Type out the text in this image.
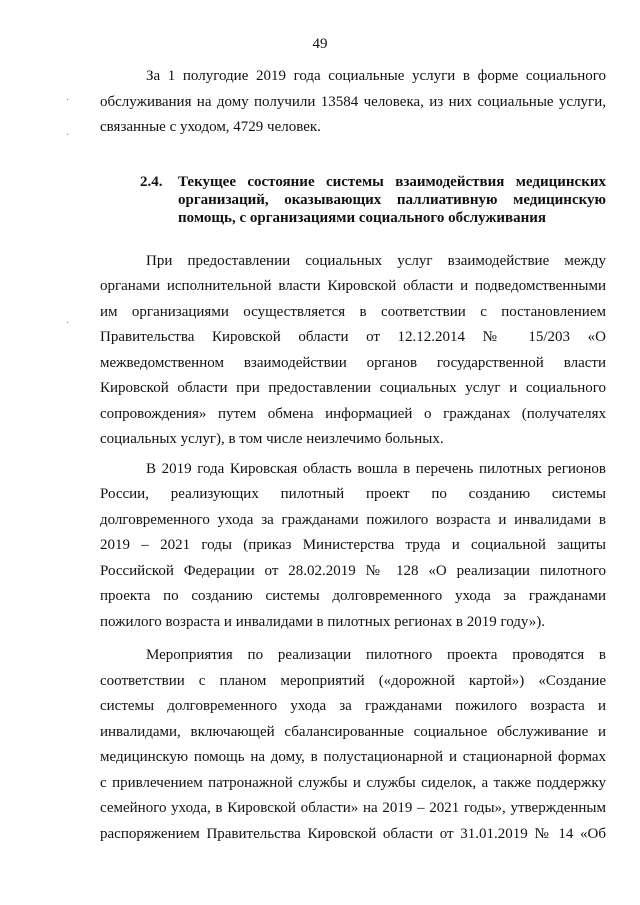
49
·
·
·
За 1 полугодие 2019 года социальные услуги в форме социального
обслуживания на дому получили 13584 человека, из них социальные услуги,
связанные с уходом, 4729 человек.
2.4.	Текущее состояние системы взаимодействия медицинских
организаций, оказывающих паллиативную медицинскую
помощь, с организациями социального обслуживания
При предоставлении социальных услуг взаимодействие между
органами исполнительной власти Кировской области и подведомственными
им организациями осуществляется в соответствии с постановлением
Правительства Кировской области от 12.12.2014 № 15/203 «О
межведомственном взаимодействии органов государственной власти
Кировской области при предоставлении социальных услуг и социального
сопровождения» путем обмена информацией о гражданах (получателях
социальных услуг), в том числе неизлечимо больных.
В 2019 года Кировская область вошла в перечень пилотных регионов
России, реализующих пилотный проект по созданию системы
долговременного ухода за гражданами пожилого возраста и инвалидами в
2019 – 2021 годы (приказ Министерства труда и социальной защиты
Российской Федерации от 28.02.2019 № 128 «О реализации пилотного
проекта по созданию системы долговременного ухода за гражданами
пожилого возраста и инвалидами в пилотных регионах в 2019 году»).
Мероприятия по реализации пилотного проекта проводятся в
соответствии с планом мероприятий («дорожной картой») «Создание
системы долговременного ухода за гражданами пожилого возраста и
инвалидами, включающей сбалансированные социальное обслуживание и
медицинскую помощь на дому, в полустационарной и стационарной формах
с привлечением патронажной службы и службы сиделок, а также поддержку
семейного ухода, в Кировской области» на 2019 – 2021 годы», утвержденным
распоряжением Правительства Кировской области от 31.01.2019 № 14 «Об
